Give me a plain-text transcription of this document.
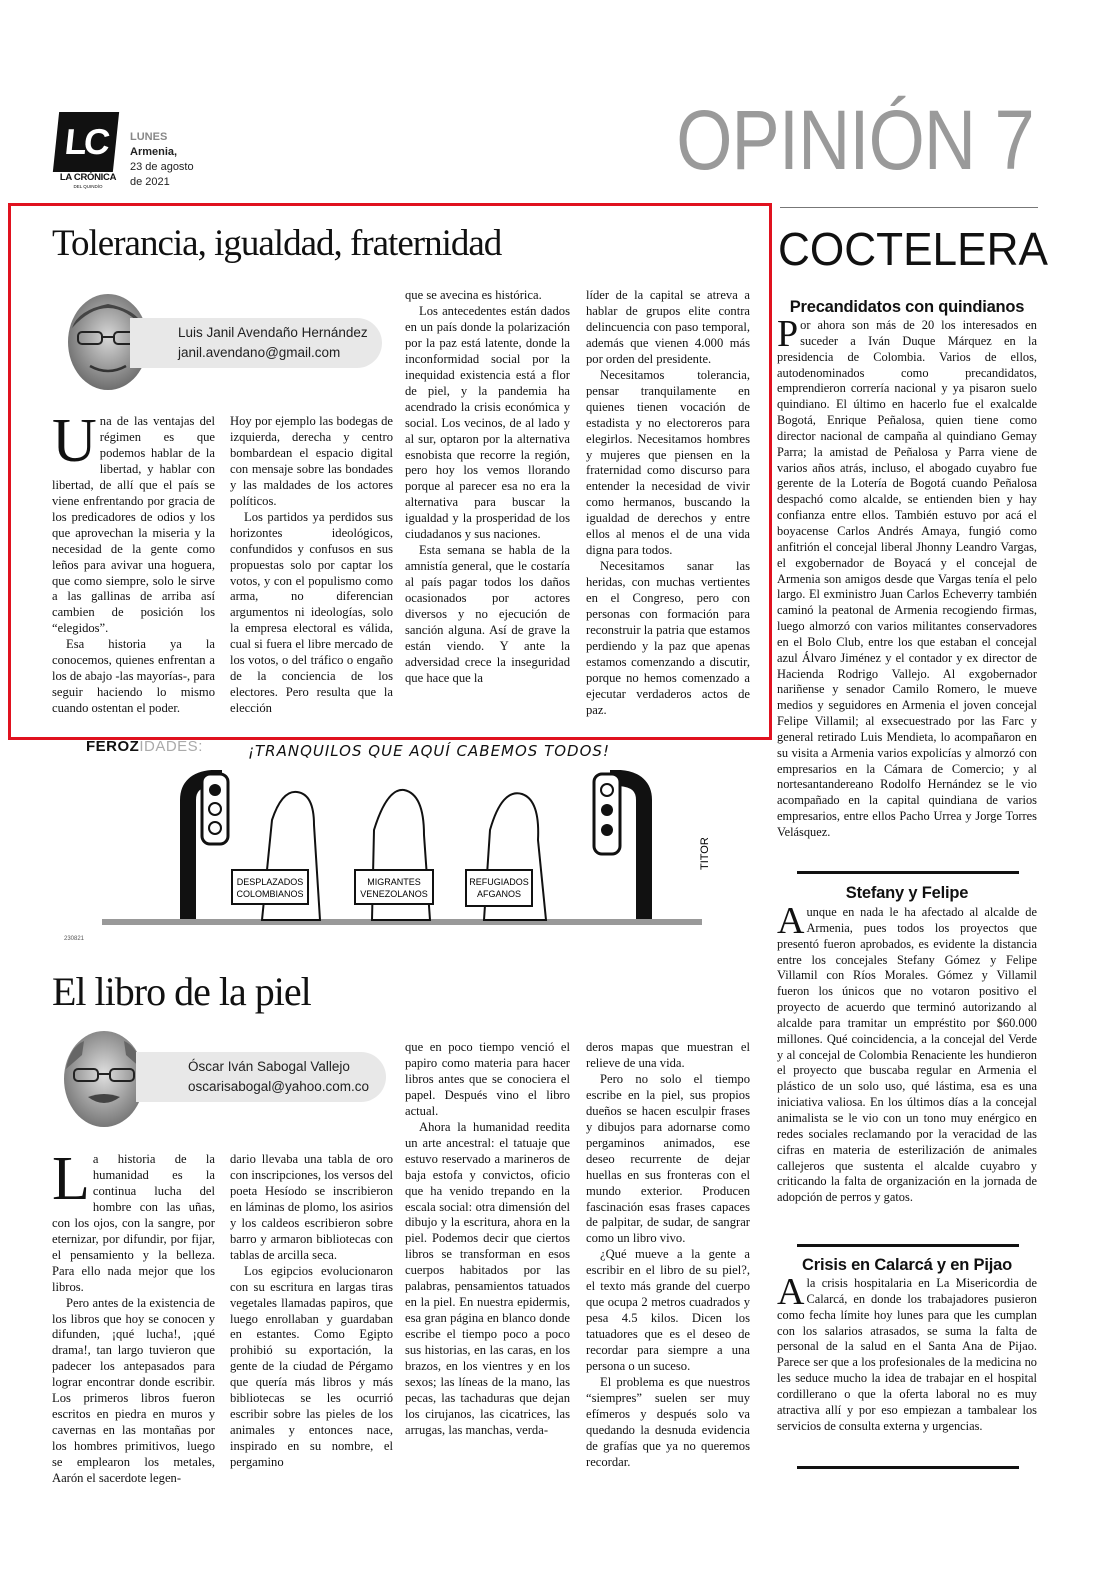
LC
LA CRÓNICA
DEL QUINDÍO
LUNES
Armenia,
23 de agosto
de 2021	OPINIÓN 7
Tolerancia, igualdad, fraternidad
Luis Janil Avendaño Hernández
janil.avendano@gmail.com

Una de las ventajas del régimen es que podemos hablar de la libertad, y hablar con libertad, de allí que el país se viene enfrentando por gracia de los predicadores de odios y los que aprovechan la miseria y la necesidad de la gente como leños para avivar una hoguera, que como siempre, solo le sirve a las gallinas de arriba así cambien de posición los “elegidos”.

Esa historia ya la conocemos, quienes enfrentan a los de abajo -las mayorías-, para seguir haciendo lo mismo cuando ostentan el poder.

Hoy por ejemplo las bodegas de izquierda, derecha y centro bombardean el espacio digital con mensaje sobre las bondades y las maldades de los actores políticos.

Los partidos ya perdidos sus horizontes ideológicos, confundidos y confusos en sus propuestas solo por captar los votos, y con el populismo como arma, no diferencian argumentos ni ideologías, solo la empresa electoral es válida, cual si fuera el libre mercado de los votos, o del tráfico o engaño de la conciencia de los electores. Pero resulta que la elección

que se avecina es histórica.

Los antecedentes están dados en un país donde la polarización por la paz está latente, donde la inconformidad social por la inequidad existencia está a flor de piel, y la pandemia ha acendrado la crisis económica y social. Los vecinos, de al lado y al sur, optaron por la alternativa esnobista que recorre la región, pero hoy los vemos llorando porque al parecer esa no era la alternativa para buscar la igualdad y la prosperidad de los ciudadanos y sus naciones.

Esta semana se habla de la amnistía general, que le costaría al país pagar todos los daños ocasionados por actores diversos y no ejecución de sanción alguna. Así de grave la están viendo. Y ante la adversidad crece la inseguridad que hace que la

líder de la capital se atreva a hablar de grupos elite contra delincuencia con paso temporal, además que vienen 4.000 más por orden del presidente.

Necesitamos tolerancia, pensar tranquilamente en quienes tienen vocación de estadista y no electoreros para elegirlos. Necesitamos hombres y mujeres que piensen en la fraternidad como discurso para entender la necesidad de vivir como hermanos, buscando la igualdad de derechos y entre ellos al menos el de una vida digna para todos.

Necesitamos sanar las heridas, con muchas vertientes en el Congreso, pero con personas con formación para reconstruir la patria que estamos perdiendo y la paz que apenas estamos comenzando a discutir, porque no hemos comenzado a ejecutar verdaderos actos de paz.

FEROZIDADES:	¡TRANQUILOS QUE AQUÍ CABEMOS TODOS!
DESPLAZADOS
COLOMBIANOS
MIGRANTES
VENEZOLANOS
REFUGIADOS
AFGANOS
TITOR
230821
El libro de la piel
Óscar Iván Sabogal Vallejo
oscarisabogal@yahoo.com.co

La historia de la humanidad es la continua lucha del hombre con las uñas, con los ojos, con la sangre, por eternizar, por difundir, por fijar, el pensamiento y la belleza. Para ello nada mejor que los libros.

Pero antes de la existencia de los libros que hoy se conocen y difunden, ¡qué lucha!, ¡qué drama!, tan largo tuvieron que padecer los antepasados para lograr encontrar donde escribir. Los primeros libros fueron escritos en piedra en muros y cavernas en las montañas por los hombres primitivos, luego se emplearon los metales, Aarón el sacerdote legen-

dario llevaba una tabla de oro con inscripciones, los versos del poeta Hesíodo se inscribieron en láminas de plomo, los asirios y los caldeos escribieron sobre barro y armaron bibliotecas con tablas de arcilla seca.

Los egipcios evolucionaron con su escritura en largas tiras vegetales llamadas papiros, que luego enrollaban y guardaban en estantes. Como Egipto prohibió su exportación, la gente de la ciudad de Pérgamo que quería más libros y más bibliotecas se les ocurrió escribir sobre las pieles de los animales y entonces nace, inspirado en su nombre, el pergamino

que en poco tiempo venció el papiro como materia para hacer libros antes que se conociera el papel. Después vino el libro actual.

Ahora la humanidad reedita un arte ancestral: el tatuaje que estuvo reservado a marineros de baja estofa y convictos, oficio que ha venido trepando en la escala social: otra dimensión del dibujo y la escritura, ahora en la piel. Podemos decir que ciertos libros se transforman en esos cuerpos habitados por las palabras, pensamientos tatuados en la piel. En nuestra epidermis, esa gran página en blanco donde escribe el tiempo poco a poco sus historias, en las caras, en los brazos, en los vientres y en los sexos; las líneas de la mano, las pecas, las tachaduras que dejan los cirujanos, las cicatrices, las arrugas, las manchas, verda-

deros mapas que muestran el relieve de una vida.

Pero no solo el tiempo escribe en la piel, sus propios dueños se hacen esculpir frases y dibujos para adornarse como pergaminos animados, ese deseo recurrente de dejar huellas en sus fronteras con el mundo exterior. Producen fascinación esas frases capaces de palpitar, de sudar, de sangrar como un libro vivo.

¿Qué mueve a la gente a escribir en el libro de su piel?, el texto más grande del cuerpo que ocupa 2 metros cuadrados y pesa 4.5 kilos. Dicen los tatuadores que es el deseo de recordar para siempre a una persona o un suceso.

El problema es que nuestros “siempres” suelen ser muy efímeros y después solo va quedando la desnuda evidencia de grafías que ya no queremos recordar.

COCTELERA
Precandidatos con quindianos
Por ahora son más de 20 los interesados en suceder a Iván Duque Márquez en la presidencia de Colombia. Varios de ellos, autodenominados como precandidatos, emprendieron correría nacional y ya pisaron suelo quindiano. El último en hacerlo fue el exalcalde Bogotá, Enrique Peñalosa, quien tiene como director nacional de campaña al quindiano Gemay Parra; la amistad de Peñalosa y Parra viene de varios años atrás, incluso, el abogado cuyabro fue gerente de la Lotería de Bogotá cuando Peñalosa despachó como alcalde, se entienden bien y hay confianza entre ellos. También estuvo por acá el boyacense Carlos Andrés Amaya, fungió como anfitrión el concejal liberal Jhonny Leandro Vargas, el exgobernador de Boyacá y el concejal de Armenia son amigos desde que Vargas tenía el pelo largo. El exministro Juan Carlos Echeverry también caminó la peatonal de Armenia recogiendo firmas, luego almorzó con varios militantes conservadores en el Bolo Club, entre los que estaban el concejal azul Álvaro Jiménez y el contador y ex director de Hacienda Rodrigo Vallejo. Al exgobernador nariñense y senador Camilo Romero, le mueve medios y seguidores en Armenia el joven concejal Felipe Villamil; al exsecuestrado por las Farc y general retirado Luis Mendieta, lo acompañaron en su visita a Armenia varios expolicías y almorzó con empresarios en la Cámara de Comercio; y al nortesantandereano Rodolfo Hernández se le vio acompañado en la capital quindiana de varios empresarios, entre ellos Pacho Urrea y Jorge Torres Velásquez.
Stefany y Felipe
Aunque en nada le ha afectado al alcalde de Armenia, pues todos los proyectos que presentó fueron aprobados, es evidente la distancia entre los concejales Stefany Gómez y Felipe Villamil con Ríos Morales. Gómez y Villamil fueron los únicos que no votaron positivo el proyecto de acuerdo que terminó autorizando al alcalde para tramitar un empréstito por $60.000 millones. Qué coincidencia, a la concejal del Verde y al concejal de Colombia Renaciente les hundieron el proyecto que buscaba regular en Armenia el plástico de un solo uso, qué lástima, esa es una iniciativa valiosa. En los últimos días a la concejal animalista se le vio con un tono muy enérgico en redes sociales reclamando por la veracidad de las cifras en materia de esterilización de animales callejeros que sustenta el alcalde cuyabro y criticando la falta de organización en la jornada de adopción de perros y gatos.
Crisis en Calarcá y en Pijao
A la crisis hospitalaria en La Misericordia de Calarcá, en donde los trabajadores pusieron como fecha límite hoy lunes para que les cumplan con los salarios atrasados, se suma la falta de personal de la salud en el Santa Ana de Pijao. Parece ser que a los profesionales de la medicina no les seduce mucho la idea de trabajar en el hospital cordillerano o que la oferta laboral no es muy atractiva allí y por eso empiezan a tambalear los servicios de consulta externa y urgencias.
